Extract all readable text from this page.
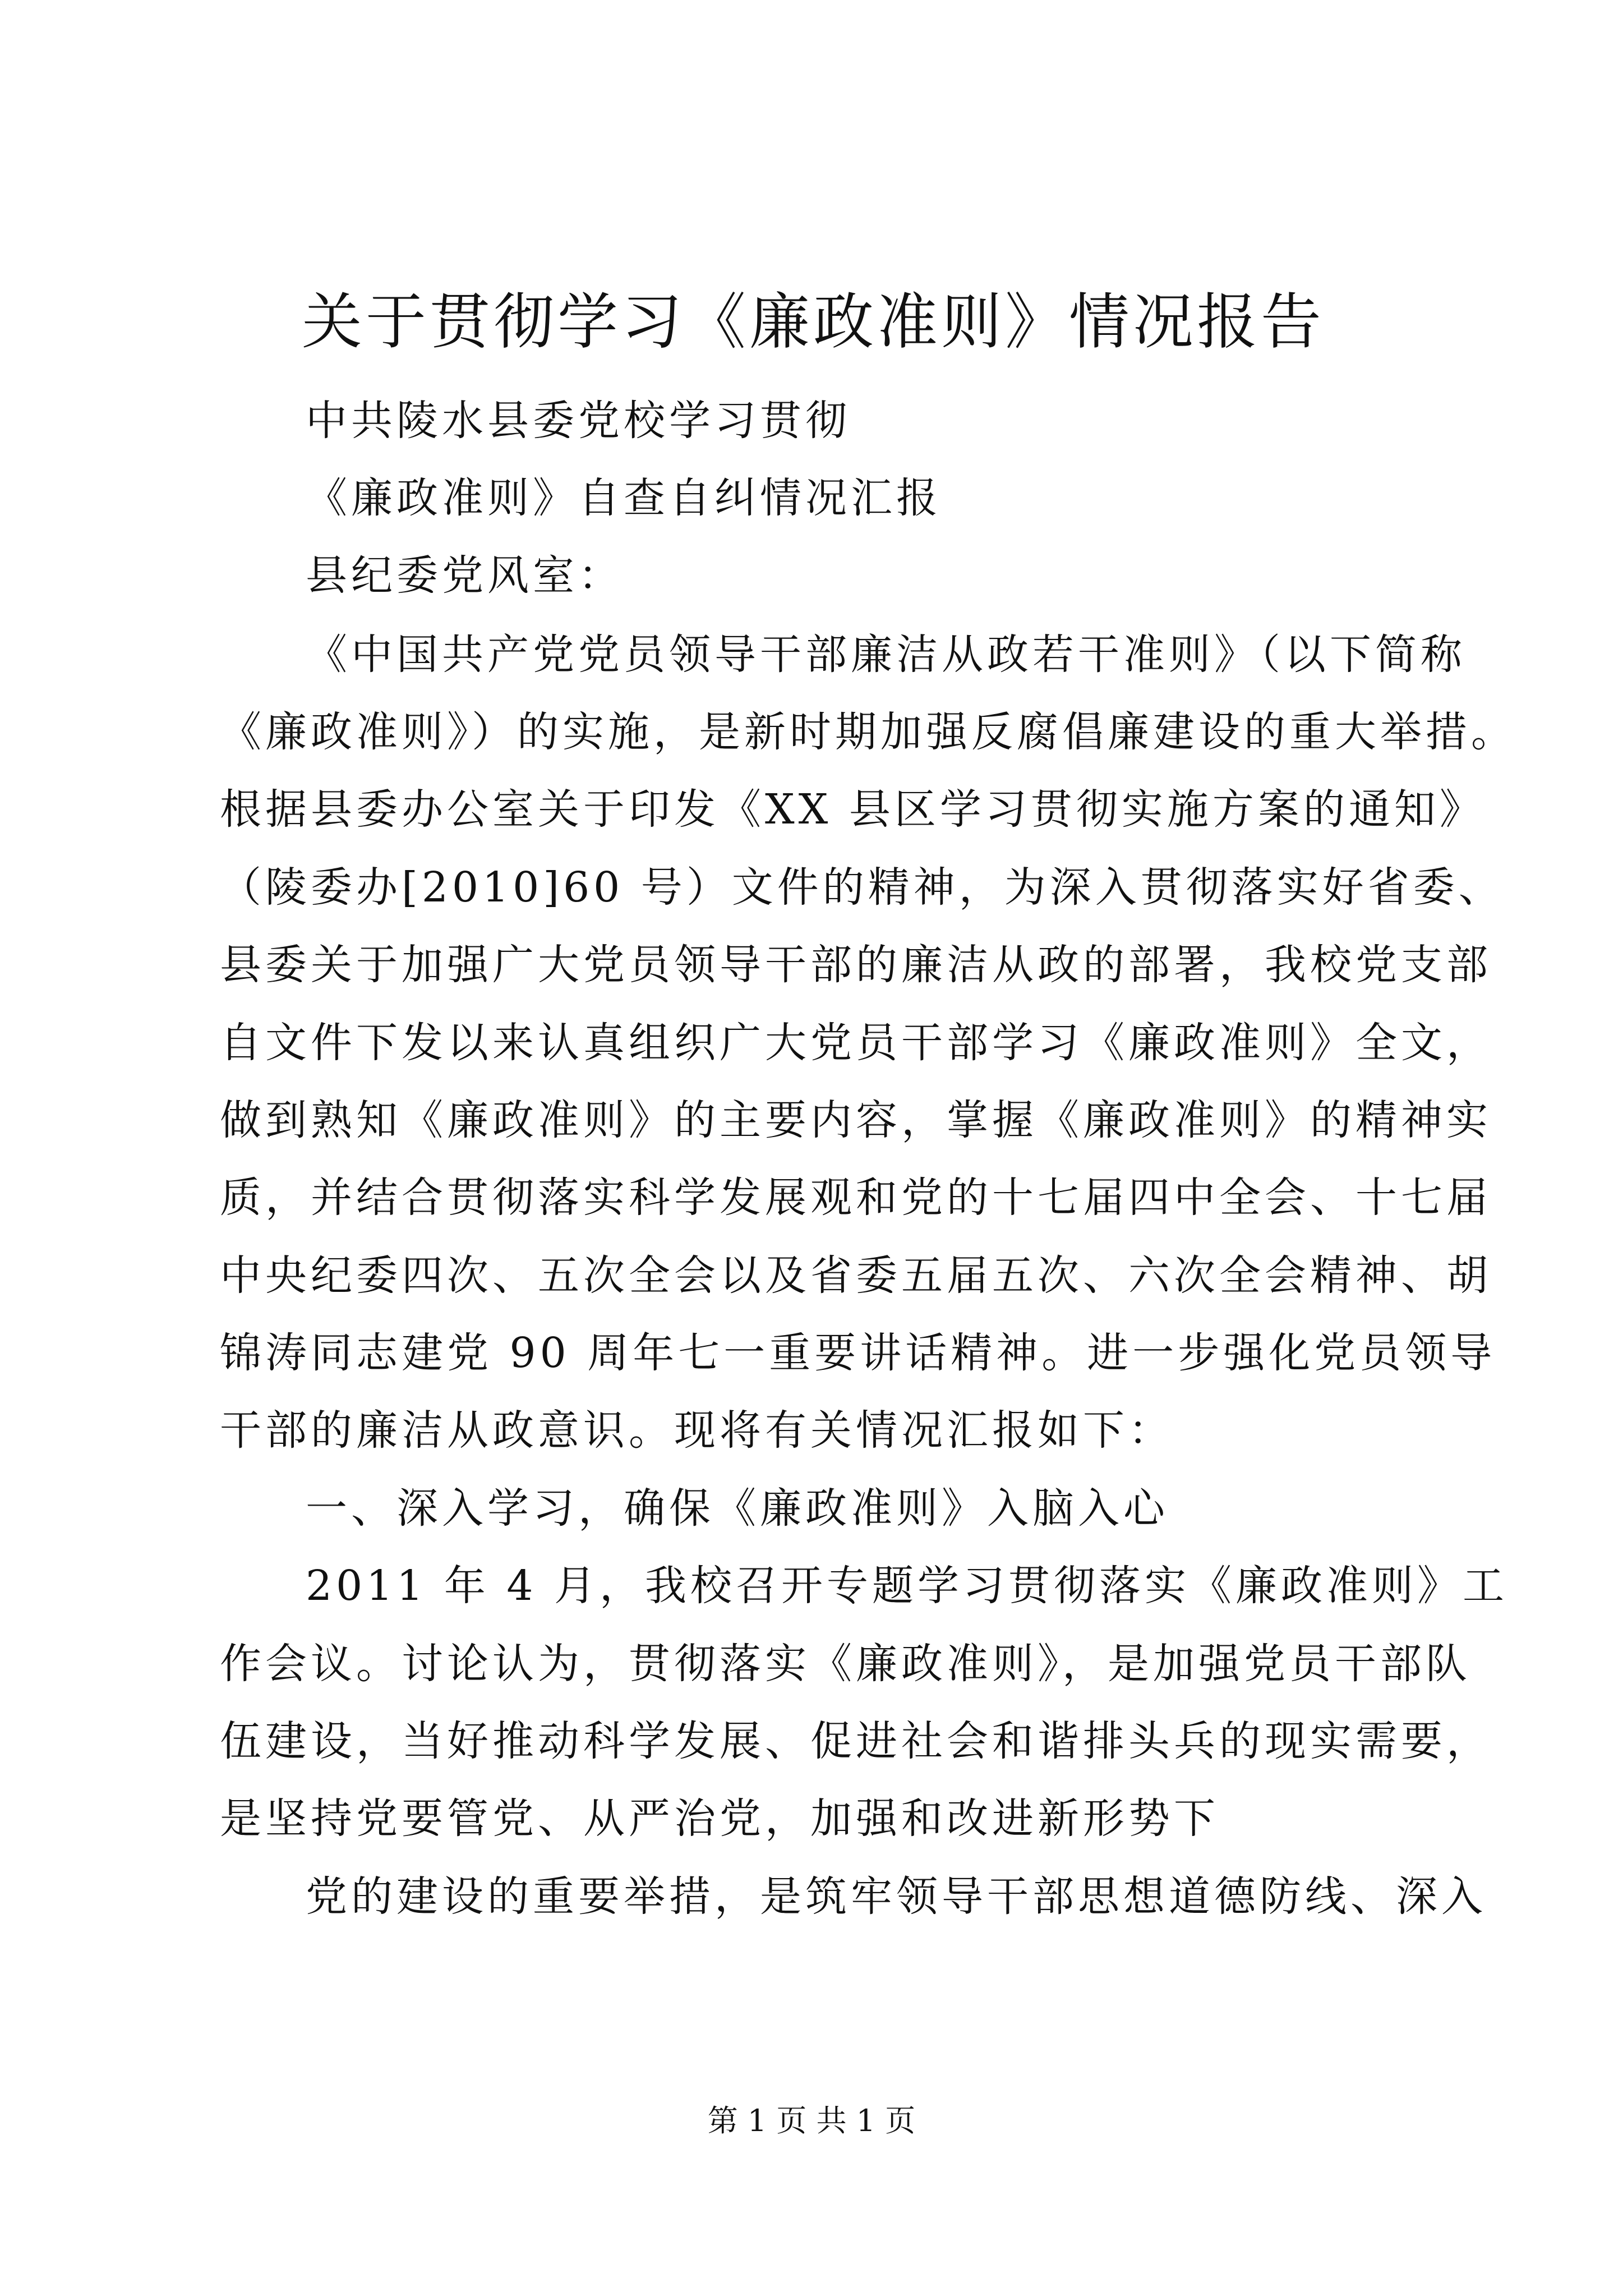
关于贯彻学习《廉政准则》情况报告
中共陵水县委党校学习贯彻
《廉政准则》自查自纠情况汇报
县纪委党风室：
《中国共产党党员领导干部廉洁从政若干准则》（以下简称
《廉政准则》）的实施，是新时期加强反腐倡廉建设的重大举措。
根据县委办公室关于印发《XX 县区学习贯彻实施方案的通知》
（陵委办[2010]60 号）文件的精神，为深入贯彻落实好省委、
县委关于加强广大党员领导干部的廉洁从政的部署，我校党支部
自文件下发以来认真组织广大党员干部学习《廉政准则》全文，
做到熟知《廉政准则》的主要内容，掌握《廉政准则》的精神实
质，并结合贯彻落实科学发展观和党的十七届四中全会、十七届
中央纪委四次、五次全会以及省委五届五次、六次全会精神、胡
锦涛同志建党 90 周年七一重要讲话精神。进一步强化党员领导
干部的廉洁从政意识。现将有关情况汇报如下：
一、深入学习，确保《廉政准则》入脑入心
2011 年 4 月，我校召开专题学习贯彻落实《廉政准则》工
作会议。讨论认为，贯彻落实《廉政准则》，是加强党员干部队
伍建设，当好推动科学发展、促进社会和谐排头兵的现实需要，
是坚持党要管党、从严治党，加强和改进新形势下
党的建设的重要举措，是筑牢领导干部思想道德防线、深入
第 1 页 共 1 页
